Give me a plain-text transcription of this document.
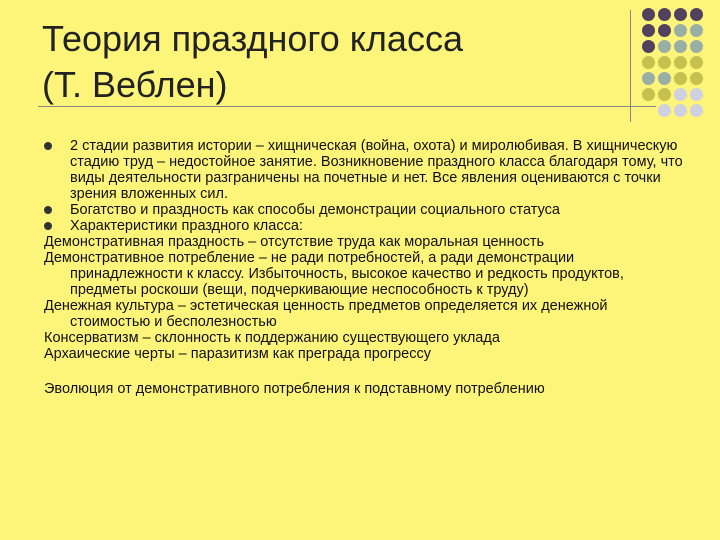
Теория праздного класса
(Т. Веблен)
2 стадии развития истории – хищническая (война, охота) и миролюбивая. В хищническую стадию труд – недостойное занятие. Возникновение праздного класса благодаря тому, что виды деятельности разграничены на почетные и нет. Все явления оцениваются с точки зрения вложенных сил.
Богатство и праздность как способы демонстрации социального статуса
Характеристики праздного класса:
Демонстративная праздность – отсутствие труда как моральная ценность
Демонстративное потребление – не ради потребностей, а ради демонстрации принадлежности к классу. Избыточность, высокое качество и редкость продуктов, предметы роскоши (вещи, подчеркивающие неспособность к труду)
Денежная культура – эстетическая ценность предметов определяется их денежной стоимостью и бесполезностью
Консерватизм – склонность к поддержанию существующего уклада
Архаические черты – паразитизм как преграда прогрессу
Эволюция от демонстративного потребления к подставному потреблению
